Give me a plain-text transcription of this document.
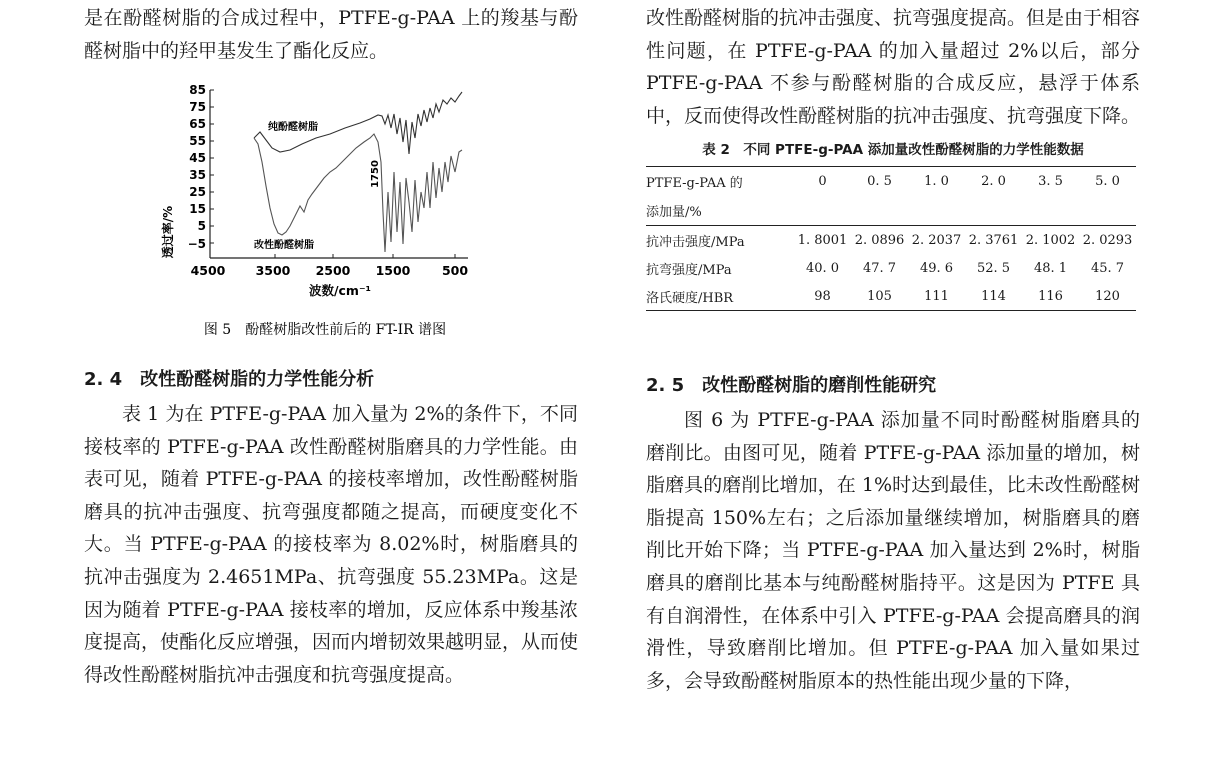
是在酚醛树脂的合成过程中，PTFE-g-PAA 上的羧基与酚醛树脂中的羟甲基发生了酯化反应。

透过率/%
85
75
65
55
45
35
25
15
5
−5
4500 3500 2500 1500	500
波数/cm⁻¹
纯酚醛树脂
改性酚醛树脂
1750
图 5　酚醛树脂改性前后的 FT-IR 谱图
2. 4　改性酚醛树脂的力学性能分析

表 1 为在 PTFE-g-PAA 加入量为 2%的条件下，不同接枝率的 PTFE-g-PAA 改性酚醛树脂磨具的力学性能。由表可见，随着 PTFE-g-PAA 的接枝率增加，改性酚醛树脂磨具的抗冲击强度、抗弯强度都随之提高，而硬度变化不大。当 PTFE-g-PAA 的接枝率为 8.02%时，树脂磨具的抗冲击强度为 2.4651MPa、抗弯强度 55.23MPa。这是因为随着 PTFE-g-PAA 接枝率的增加，反应体系中羧基浓度提高，使酯化反应增强，因而内增韧效果越明显，从而使得改性酚醛树脂抗冲击强度和抗弯强度提高。

改性酚醛树脂的抗冲击强度、抗弯强度提高。但是由于相容性问题，在 PTFE-g-PAA 的加入量超过 2%以后，部分 PTFE-g-PAA 不参与酚醛树脂的合成反应，悬浮于体系中，反而使得改性酚醛树脂的抗冲击强度、抗弯强度下降。

表 2　不同 PTFE-g-PAA 添加量改性酚醛树脂的力学性能数据
PTFE-g-PAA 的	0	0. 5	1. 0	2. 0	3. 5	5. 0
添加量/%						
抗冲击强度/MPa	1. 8001	2. 0896	2. 2037	2. 3761	2. 1002	2. 0293
抗弯强度/MPa	40. 0	47. 7	49. 6	52. 5	48. 1	45. 7
洛氏硬度/HBR	98	105	111	114	116	120
2. 5　改性酚醛树脂的磨削性能研究

图 6 为 PTFE-g-PAA 添加量不同时酚醛树脂磨具的磨削比。由图可见，随着 PTFE-g-PAA 添加量的增加，树脂磨具的磨削比增加，在 1%时达到最佳，比未改性酚醛树脂提高 150%左右；之后添加量继续增加，树脂磨具的磨削比开始下降；当 PTFE-g-PAA 加入量达到 2%时，树脂磨具的磨削比基本与纯酚醛树脂持平。这是因为 PTFE 具有自润滑性，在体系中引入 PTFE-g-PAA 会提高磨具的润滑性，导致磨削比增加。但 PTFE-g-PAA 加入量如果过多，会导致酚醛树脂原本的热性能出现少量的下降，
